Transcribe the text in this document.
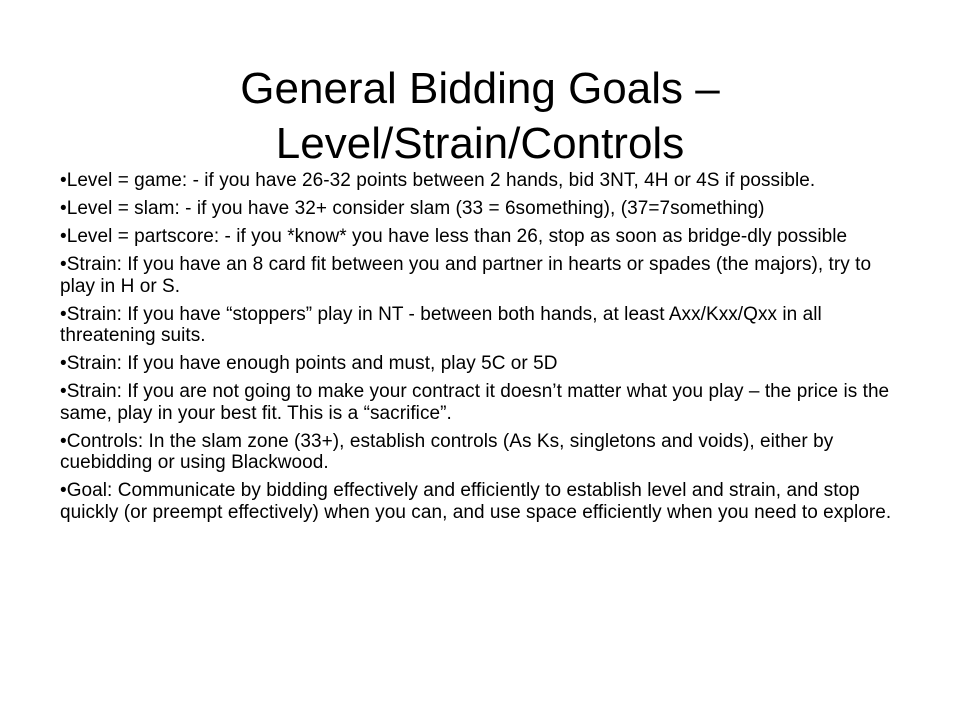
General Bidding Goals –
Level/Strain/Controls
•Level = game: - if you have 26-32 points between 2 hands, bid 3NT, 4H or 4S if possible.
•Level = slam: - if you have 32+ consider slam (33 = 6something), (37=7something)
•Level = partscore: - if you *know* you have less than 26, stop as soon as bridge-dly possible
•Strain: If you have an 8 card fit between you and partner in hearts or spades (the majors), try to play in H or S.
•Strain: If you have “stoppers” play in NT - between both hands, at least Axx/Kxx/Qxx in all threatening suits.
•Strain: If you have enough points and must, play 5C or 5D
•Strain: If you are not going to make your contract it doesn’t matter what you play – the price is the same, play in your best fit. This is a “sacrifice”.
•Controls: In the slam zone (33+), establish controls (As Ks, singletons and voids), either by cuebidding or using Blackwood.
•Goal: Communicate by bidding effectively and efficiently to establish level and strain, and stop quickly (or preempt effectively) when you can, and use space efficiently when you need to explore.
